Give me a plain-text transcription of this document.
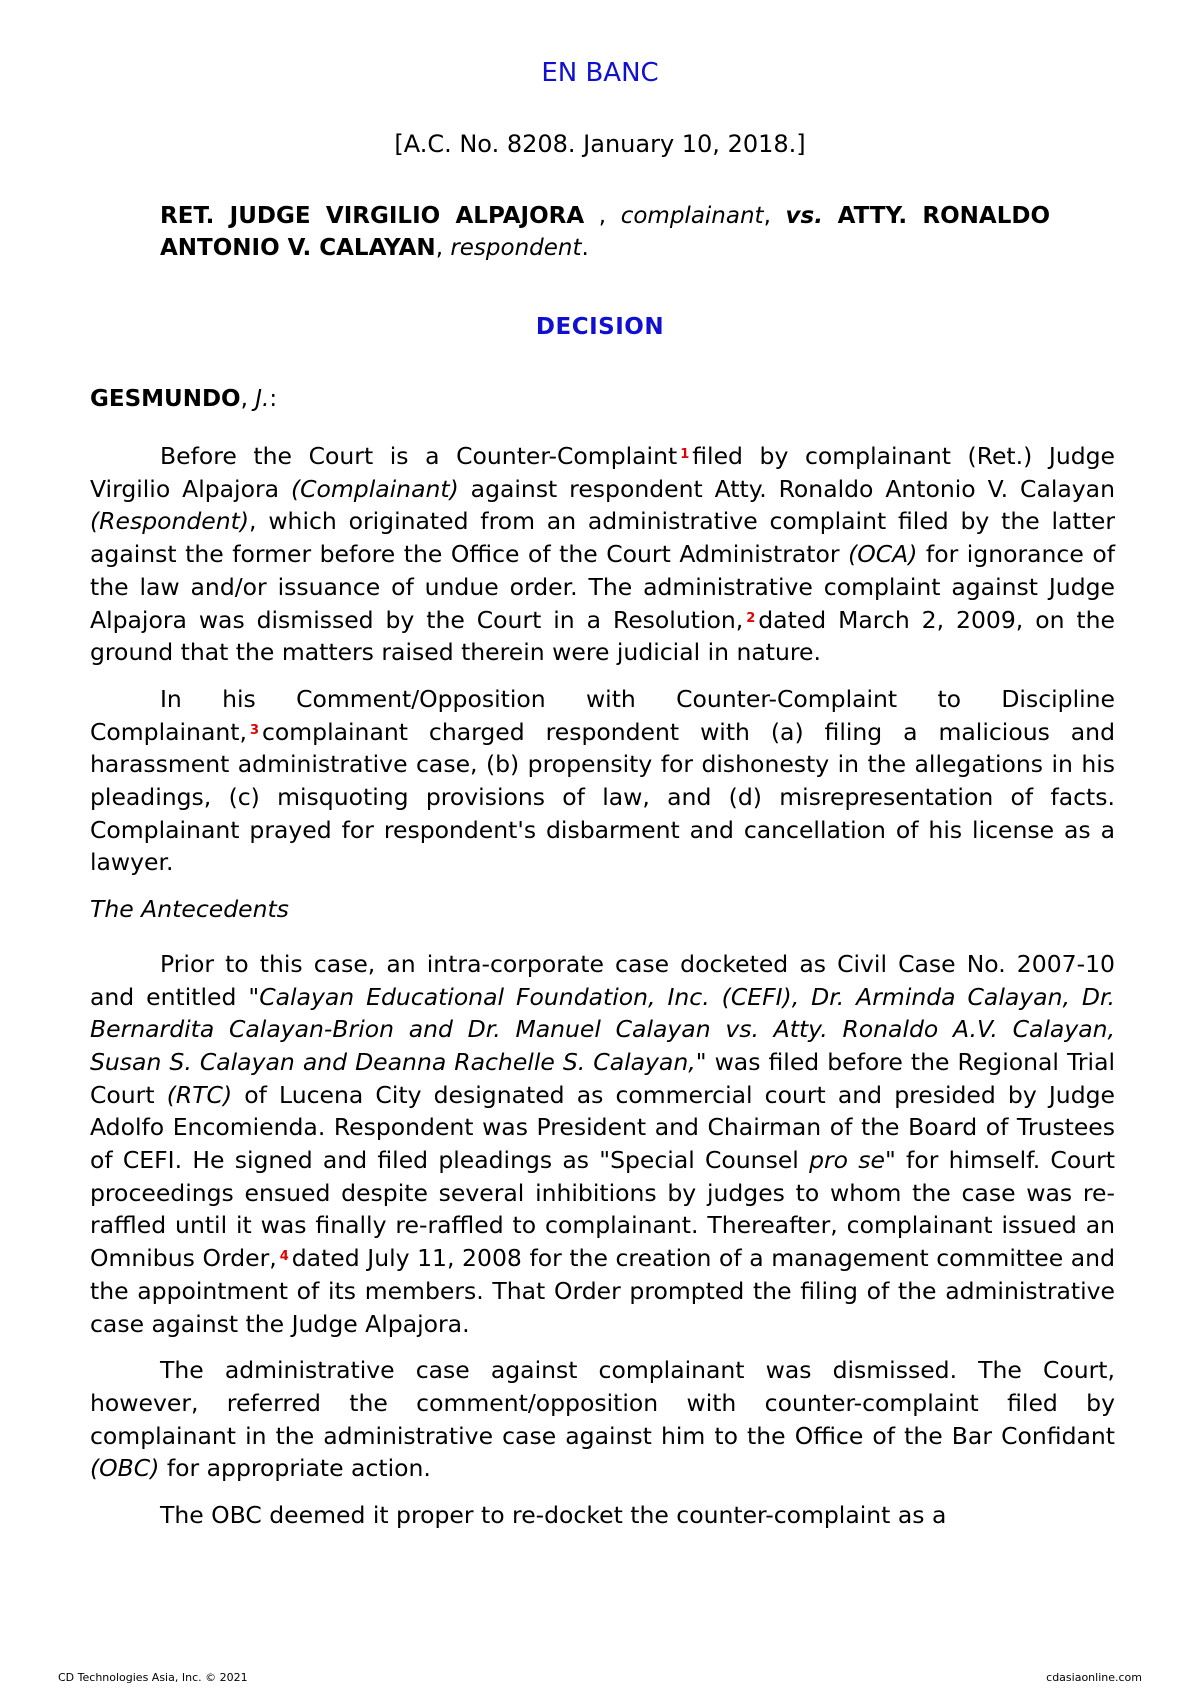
EN BANC
[A.C. No. 8208. January 10, 2018.]
RET. JUDGE VIRGILIO ALPAJORA , complainant, vs. ATTY. RONALDO ANTONIO V. CALAYAN, respondent.
DECISION
GESMUNDO, J.:

Before the Court is a Counter-Complaint $^1$ filed by complainant (Ret.) Judge Virgilio Alpajora (Complainant) against respondent Atty. Ronaldo Antonio V. Calayan (Respondent), which originated from an administrative complaint filed by the latter against the former before the Office of the Court Administrator (OCA) for ignorance of the law and/or issuance of undue order. The administrative complaint against Judge Alpajora was dismissed by the Court in a Resolution, $^2$ dated March 2, 2009, on the ground that the matters raised therein were judicial in nature.

In his Comment/Opposition with Counter-Complaint to Discipline Complainant, $^3$ complainant charged respondent with (a) filing a malicious and harassment administrative case, (b) propensity for dishonesty in the allegations in his pleadings, (c) misquoting provisions of law, and (d) misrepresentation of facts. Complainant prayed for respondent's disbarment and cancellation of his license as a lawyer.

The Antecedents

Prior to this case, an intra-corporate case docketed as Civil Case No. 2007-10 and entitled "Calayan Educational Foundation, Inc. (CEFI), Dr. Arminda Calayan, Dr. Bernardita Calayan-Brion and Dr. Manuel Calayan vs. Atty. Ronaldo A.V. Calayan, Susan S. Calayan and Deanna Rachelle S. Calayan," was filed before the Regional Trial Court (RTC) of Lucena City designated as commercial court and presided by Judge Adolfo Encomienda. Respondent was President and Chairman of the Board of Trustees of CEFI. He signed and filed pleadings as "Special Counsel pro se" for himself. Court proceedings ensued despite several inhibitions by judges to whom the case was re-raffled until it was finally re-raffled to complainant. Thereafter, complainant issued an Omnibus Order, $^4$ dated July 11, 2008 for the creation of a management committee and the appointment of its members. That Order prompted the filing of the administrative case against the Judge Alpajora.

The administrative case against complainant was dismissed. The Court, however, referred the comment/opposition with counter-complaint filed by complainant in the administrative case against him to the Office of the Bar Confidant (OBC) for appropriate action.

The OBC deemed it proper to re-docket the counter-complaint as a

CD Technologies Asia, Inc. © 2021	cdasiaonline.com
